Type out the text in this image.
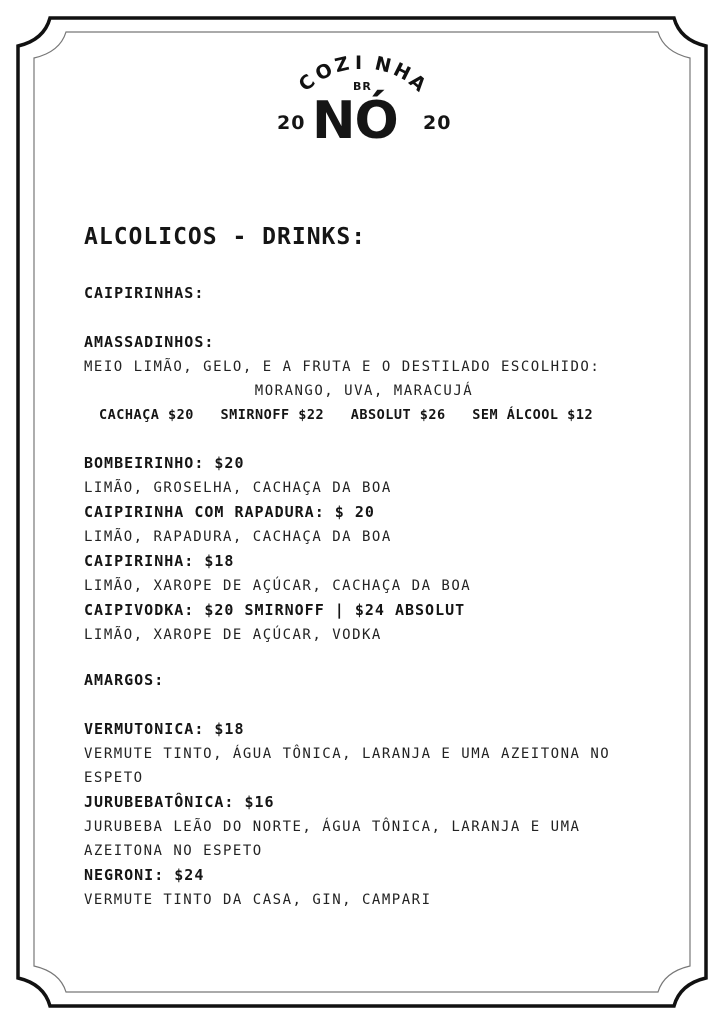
BR
20 NÓ 20
C
O
Z I N
H
A
ALCOLICOS - DRINKS:
CAIPIRINHAS:
AMASSADINHOS:
MEIO LIMÃO, GELO, E A FRUTA E O DESTILADO ESCOLHIDO:
MORANGO, UVA, MARACUJÁ
CACHAÇA $20 SMIRNOFF $22 ABSOLUT $26 SEM ÁLCOOL $12
BOMBEIRINHO: $20
LIMÃO, GROSELHA, CACHAÇA DA BOA
CAIPIRINHA COM RAPADURA: $ 20
LIMÃO, RAPADURA, CACHAÇA DA BOA
CAIPIRINHA: $18
LIMÃO, XAROPE DE AÇÚCAR, CACHAÇA DA BOA
CAIPIVODKA: $20 SMIRNOFF | $24 ABSOLUT
LIMÃO, XAROPE DE AÇÚCAR, VODKA
AMARGOS:
VERMUTONICA: $18
VERMUTE TINTO, ÁGUA TÔNICA, LARANJA E UMA AZEITONA NO ESPETO
JURUBEBATÔNICA: $16
JURUBEBA LEÃO DO NORTE, ÁGUA TÔNICA, LARANJA E UMA AZEITONA NO ESPETO
NEGRONI: $24
VERMUTE TINTO DA CASA, GIN, CAMPARI
